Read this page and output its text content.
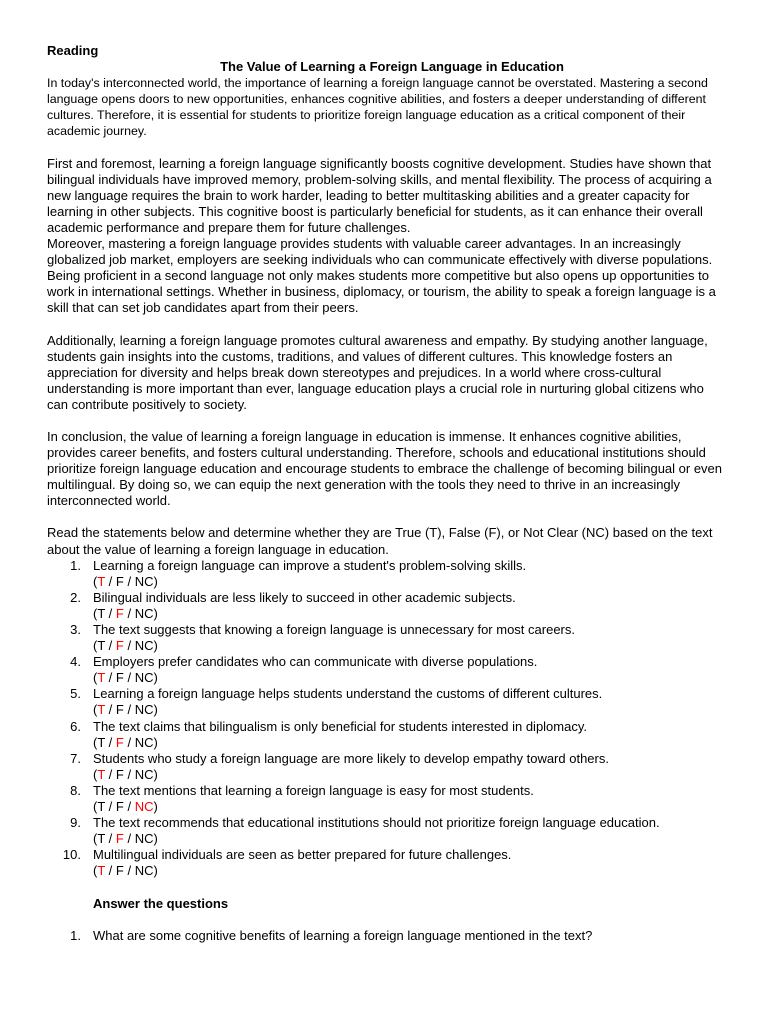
Reading

The Value of Learning a Foreign Language in Education

In today's interconnected world, the importance of learning a foreign language cannot be overstated. Mastering a second language opens doors to new opportunities, enhances cognitive abilities, and fosters a deeper understanding of different cultures. Therefore, it is essential for students to prioritize foreign language education as a critical component of their academic journey.

First and foremost, learning a foreign language significantly boosts cognitive development. Studies have shown that bilingual individuals have improved memory, problem-solving skills, and mental flexibility. The process of acquiring a new language requires the brain to work harder, leading to better multitasking abilities and a greater capacity for learning in other subjects. This cognitive boost is particularly beneficial for students, as it can enhance their overall academic performance and prepare them for future challenges.

Moreover, mastering a foreign language provides students with valuable career advantages. In an increasingly globalized job market, employers are seeking individuals who can communicate effectively with diverse populations. Being proficient in a second language not only makes students more competitive but also opens up opportunities to work in international settings. Whether in business, diplomacy, or tourism, the ability to speak a foreign language is a skill that can set job candidates apart from their peers.

Additionally, learning a foreign language promotes cultural awareness and empathy. By studying another language, students gain insights into the customs, traditions, and values of different cultures. This knowledge fosters an appreciation for diversity and helps break down stereotypes and prejudices. In a world where cross-cultural understanding is more important than ever, language education plays a crucial role in nurturing global citizens who can contribute positively to society.

In conclusion, the value of learning a foreign language in education is immense. It enhances cognitive abilities, provides career benefits, and fosters cultural understanding. Therefore, schools and educational institutions should prioritize foreign language education and encourage students to embrace the challenge of becoming bilingual or even multilingual. By doing so, we can equip the next generation with the tools they need to thrive in an increasingly interconnected world.

Read the statements below and determine whether they are True (T), False (F), or Not Clear (NC) based on the text about the value of learning a foreign language in education.

1. Learning a foreign language can improve a student's problem-solving skills.
(T / F / NC)
2. Bilingual individuals are less likely to succeed in other academic subjects.
(T / F / NC)
3. The text suggests that knowing a foreign language is unnecessary for most careers.
(T / F / NC)
4. Employers prefer candidates who can communicate with diverse populations.
(T / F / NC)
5. Learning a foreign language helps students understand the customs of different cultures.
(T / F / NC)
6. The text claims that bilingualism is only beneficial for students interested in diplomacy.
(T / F / NC)
7. Students who study a foreign language are more likely to develop empathy toward others.
(T / F / NC)
8. The text mentions that learning a foreign language is easy for most students.
(T / F / NC)
9. The text recommends that educational institutions should not prioritize foreign language education.
(T / F / NC)
10. Multilingual individuals are seen as better prepared for future challenges.
(T / F / NC)

Answer the questions

1. What are some cognitive benefits of learning a foreign language mentioned in the text?
